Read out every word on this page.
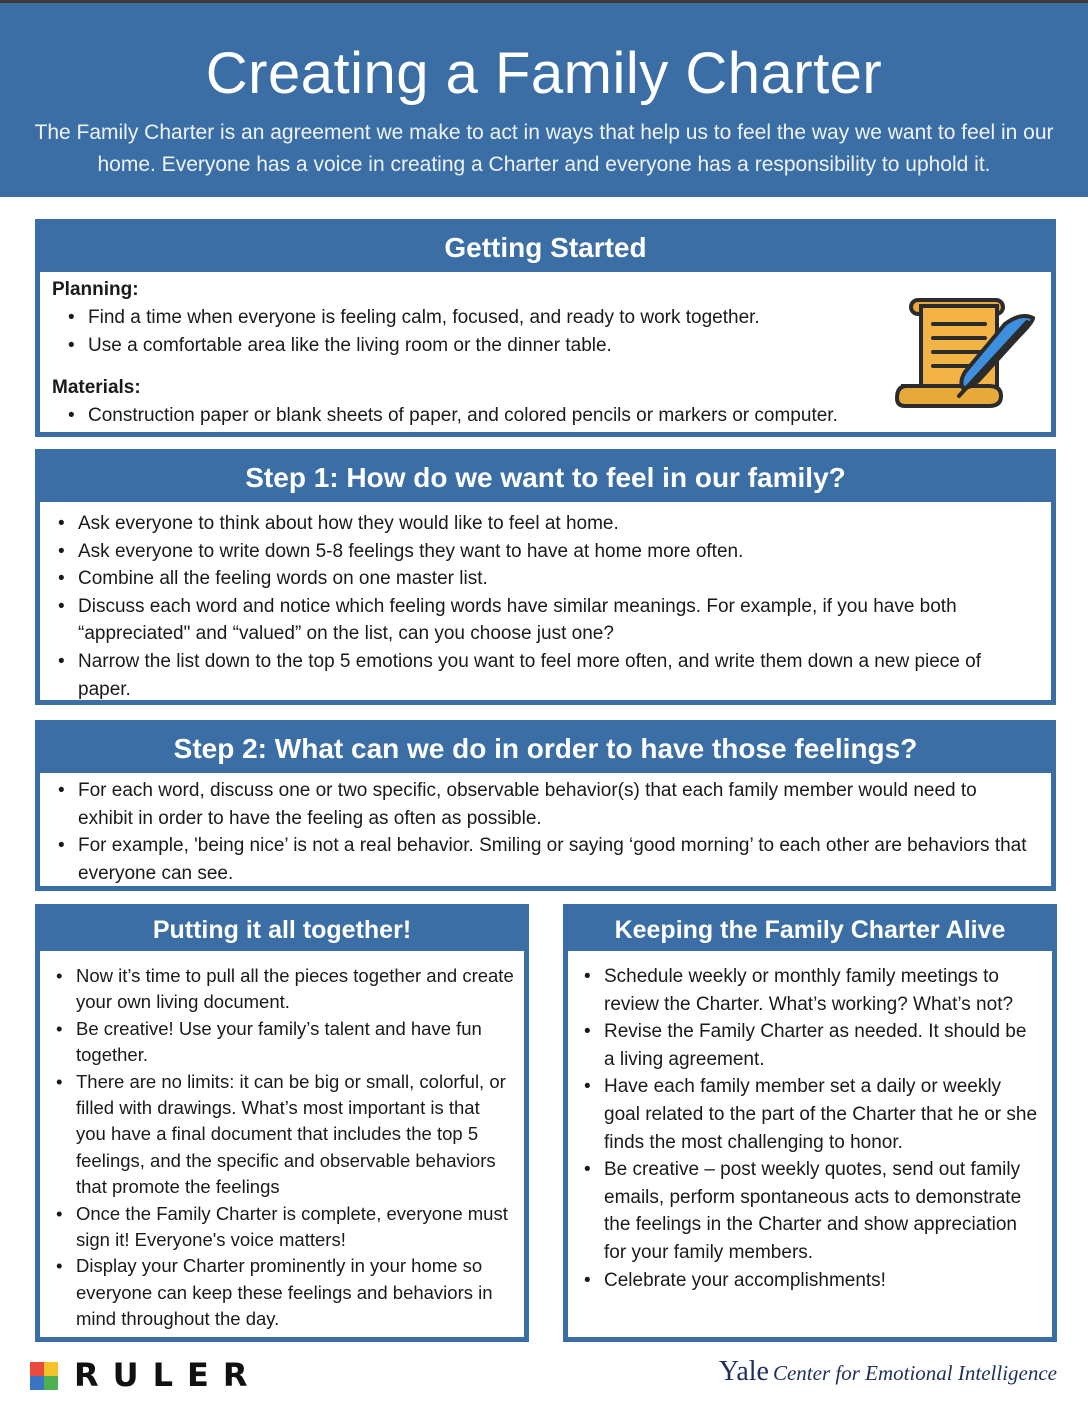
Creating a Family Charter
The Family Charter is an agreement we make to act in ways that help us to feel the way we want to feel in our home. Everyone has a voice in creating a Charter and everyone has a responsibility to uphold it.
Getting Started
Planning:
• Find a time when everyone is feeling calm, focused, and ready to work together.
• Use a comfortable area like the living room or the dinner table.
Materials:
• Construction paper or blank sheets of paper, and colored pencils or markers or computer.
Step 1: How do we want to feel in our family?
• Ask everyone to think about how they would like to feel at home.
• Ask everyone to write down 5-8 feelings they want to have at home more often.
• Combine all the feeling words on one master list.
• Discuss each word and notice which feeling words have similar meanings. For example, if you have both “appreciated" and “valued” on the list, can you choose just one?
• Narrow the list down to the top 5 emotions you want to feel more often, and write them down a new piece of paper.
Step 2: What can we do in order to have those feelings?
• For each word, discuss one or two specific, observable behavior(s) that each family member would need to exhibit in order to have the feeling as often as possible.
• For example, 'being nice’ is not a real behavior. Smiling or saying ‘good morning’ to each other are behaviors that everyone can see.
Putting it all together!
• Now it’s time to pull all the pieces together and create your own living document.
• Be creative! Use your family’s talent and have fun together.
• There are no limits: it can be big or small, colorful, or filled with drawings. What’s most important is that you have a final document that includes the top 5 feelings, and the specific and observable behaviors that promote the feelings
• Once the Family Charter is complete, everyone must sign it! Everyone's voice matters!
• Display your Charter prominently in your home so everyone can keep these feelings and behaviors in mind throughout the day.
Keeping the Family Charter Alive
• Schedule weekly or monthly family meetings to review the Charter. What’s working? What’s not?
• Revise the Family Charter as needed. It should be a living agreement.
• Have each family member set a daily or weekly goal related to the part of the Charter that he or she finds the most challenging to honor.
• Be creative – post weekly quotes, send out family emails, perform spontaneous acts to demonstrate the feelings in the Charter and show appreciation for your family members.
• Celebrate your accomplishments!
RULER	Yale Center for Emotional Intelligence
